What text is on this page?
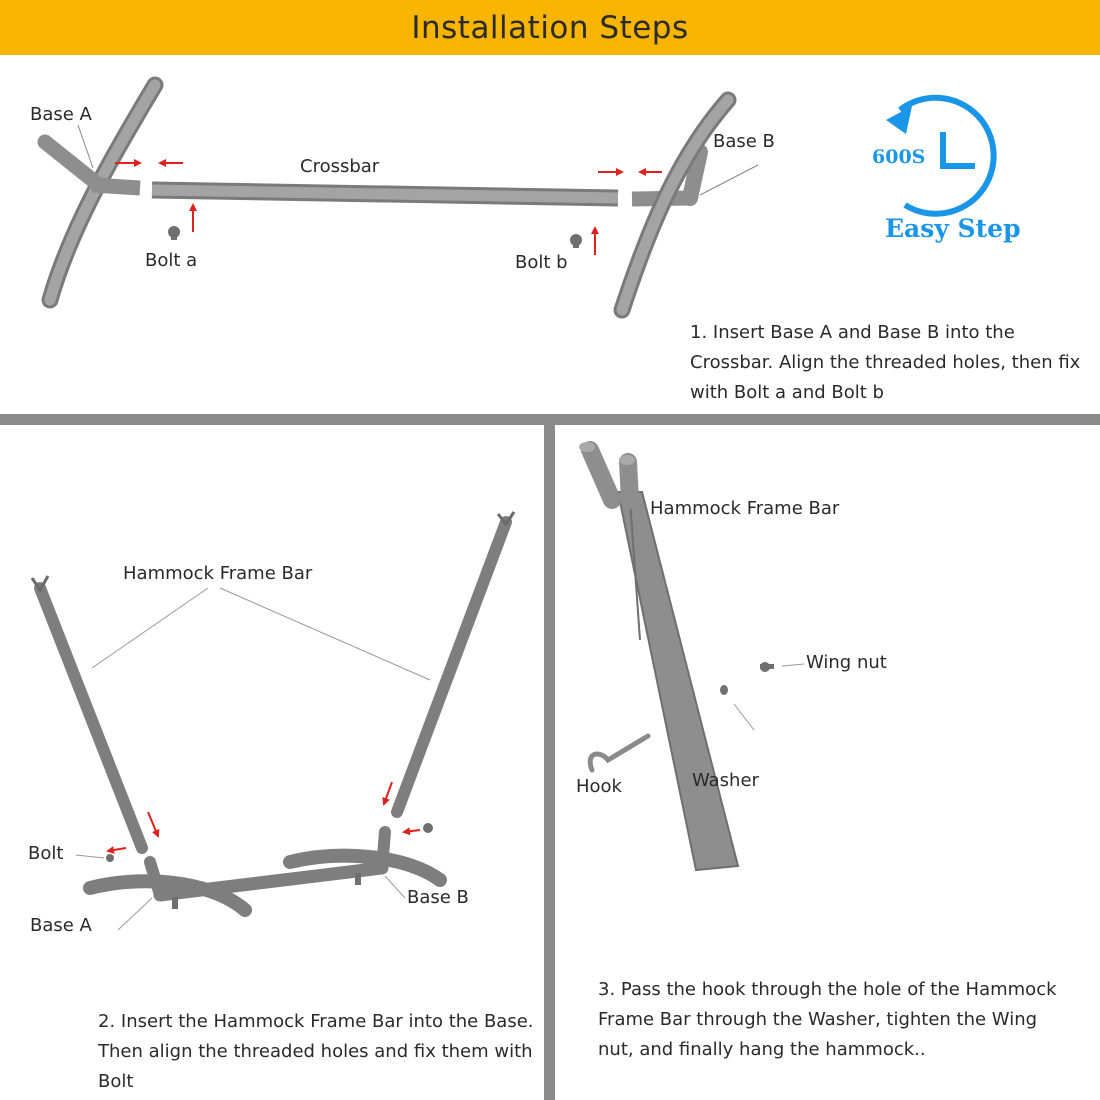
Installation Steps
Base A
Crossbar
Base B
Bolt a	Bolt b
1. Insert Base A and Base B into the Crossbar. Align the threaded holes, then fix with Bolt a and Bolt b
600S
Easy Step
Hammock Frame Bar
Bolt
Base A
Base B
2. Insert the Hammock Frame Bar into the Base. Then align the threaded holes and fix them with Bolt
Hammock Frame Bar
Wing nut
Hook	Washer
3. Pass the hook through the hole of the Hammock Frame Bar through the Washer, tighten the Wing nut, and finally hang the hammock..
